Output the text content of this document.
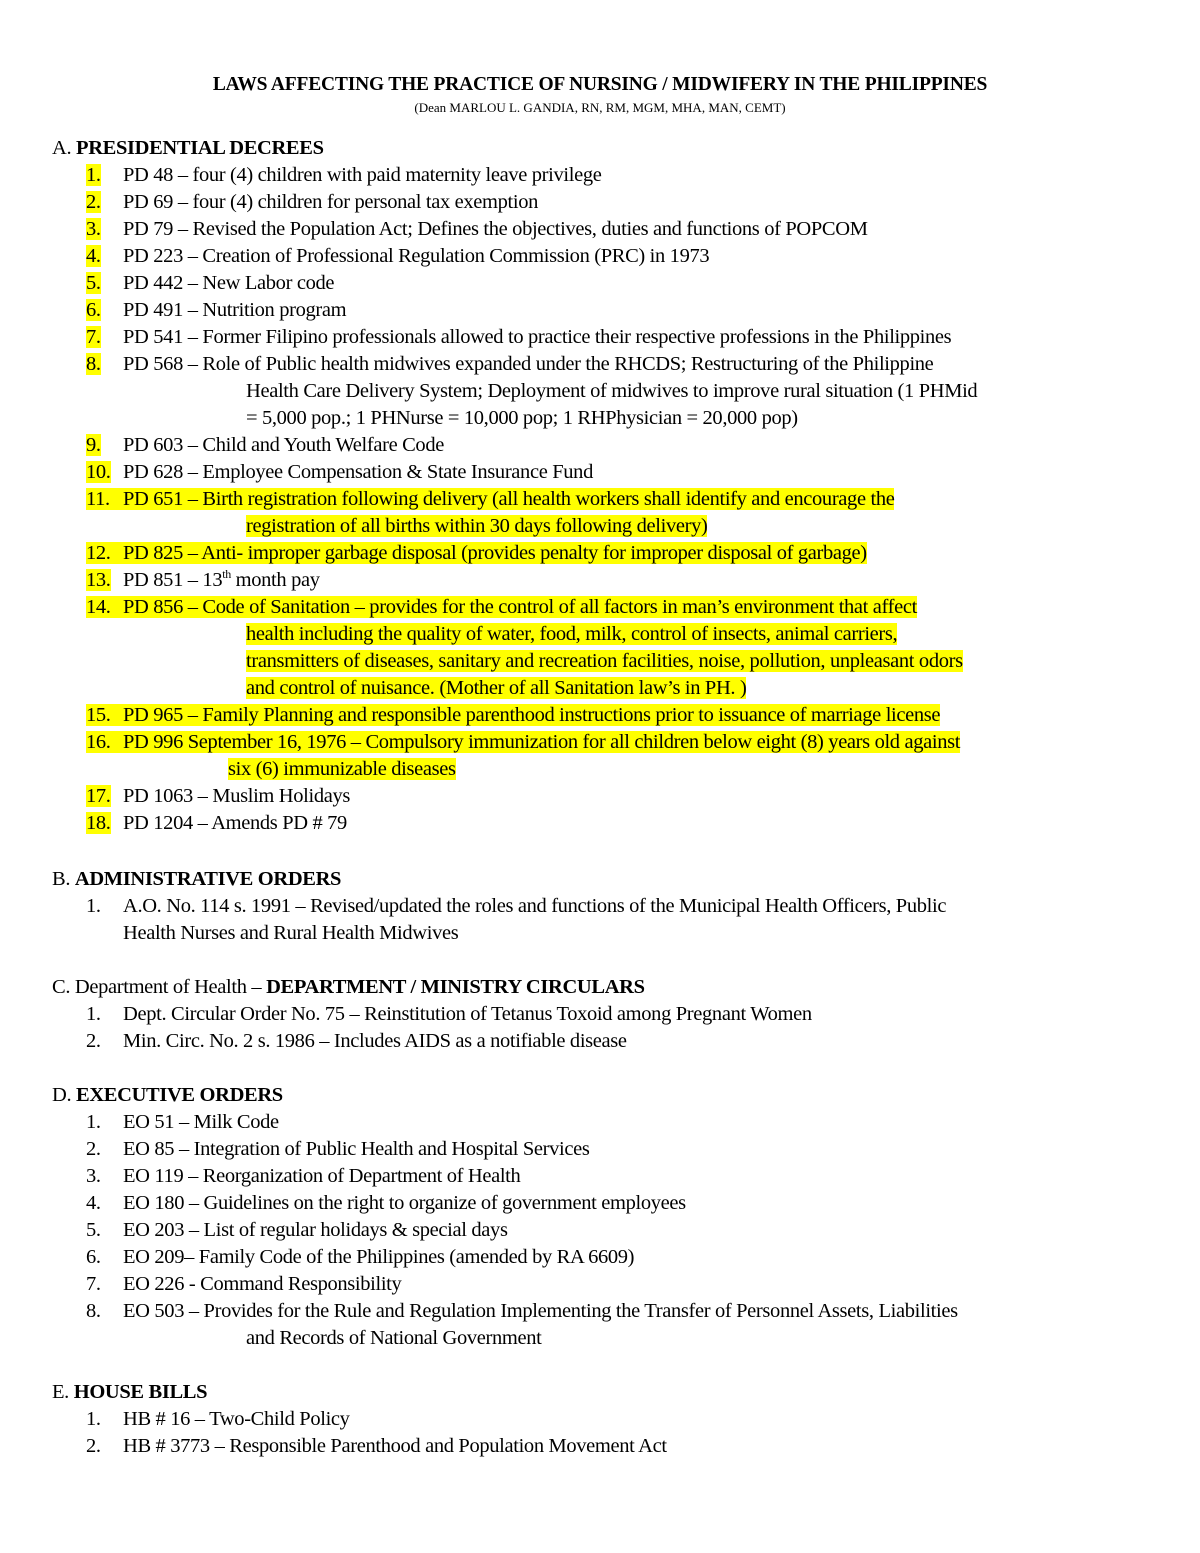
LAWS AFFECTING THE PRACTICE OF NURSING / MIDWIFERY IN THE PHILIPPINES
(Dean MARLOU L. GANDIA, RN, RM, MGM, MHA, MAN, CEMT)
A. PRESIDENTIAL DECREES
1. PD 48 – four (4) children with paid maternity leave privilege
2. PD 69 – four (4) children for personal tax exemption
3. PD 79 – Revised the Population Act; Defines the objectives, duties and functions of POPCOM
4. PD 223 – Creation of Professional Regulation Commission (PRC) in 1973
5. PD 442 – New Labor code
6. PD 491 – Nutrition program
7. PD 541 – Former Filipino professionals allowed to practice their respective professions in the Philippines
8. PD 568 – Role of Public health midwives expanded under the RHCDS; Restructuring of the Philippine
Health Care Delivery System; Deployment of midwives to improve rural situation (1 PHMid
= 5,000 pop.; 1 PHNurse = 10,000 pop; 1 RHPhysician = 20,000 pop)
9. PD 603 – Child and Youth Welfare Code
10. PD 628 – Employee Compensation & State Insurance Fund
11. PD 651 – Birth registration following delivery (all health workers shall identify and encourage the
registration of all births within 30 days following delivery)
12. PD 825 – Anti- improper garbage disposal (provides penalty for improper disposal of garbage)
13. PD 851 – 13th month pay
14. PD 856 – Code of Sanitation – provides for the control of all factors in man’s environment that affect
health including the quality of water, food, milk, control of insects, animal carriers,
transmitters of diseases, sanitary and recreation facilities, noise, pollution, unpleasant odors
and control of nuisance. (Mother of all Sanitation law’s in PH. )
15. PD 965 – Family Planning and responsible parenthood instructions prior to issuance of marriage license
16. PD 996 September 16, 1976 – Compulsory immunization for all children below eight (8) years old against
six (6) immunizable diseases
17. PD 1063 – Muslim Holidays
18. PD 1204 – Amends PD # 79
B. ADMINISTRATIVE ORDERS
1. A.O. No. 114 s. 1991 – Revised/updated the roles and functions of the Municipal Health Officers, Public
Health Nurses and Rural Health Midwives
C. Department of Health – DEPARTMENT / MINISTRY CIRCULARS
1. Dept. Circular Order No. 75 – Reinstitution of Tetanus Toxoid among Pregnant Women
2. Min. Circ. No. 2 s. 1986 – Includes AIDS as a notifiable disease
D. EXECUTIVE ORDERS
1. EO 51 – Milk Code
2. EO 85 – Integration of Public Health and Hospital Services
3. EO 119 – Reorganization of Department of Health
4. EO 180 – Guidelines on the right to organize of government employees
5. EO 203 – List of regular holidays & special days
6. EO 209– Family Code of the Philippines (amended by RA 6609)
7. EO 226 - Command Responsibility
8. EO 503 – Provides for the Rule and Regulation Implementing the Transfer of Personnel Assets, Liabilities
and Records of National Government
E. HOUSE BILLS
1. HB # 16 – Two-Child Policy
2. HB # 3773 – Responsible Parenthood and Population Movement Act
